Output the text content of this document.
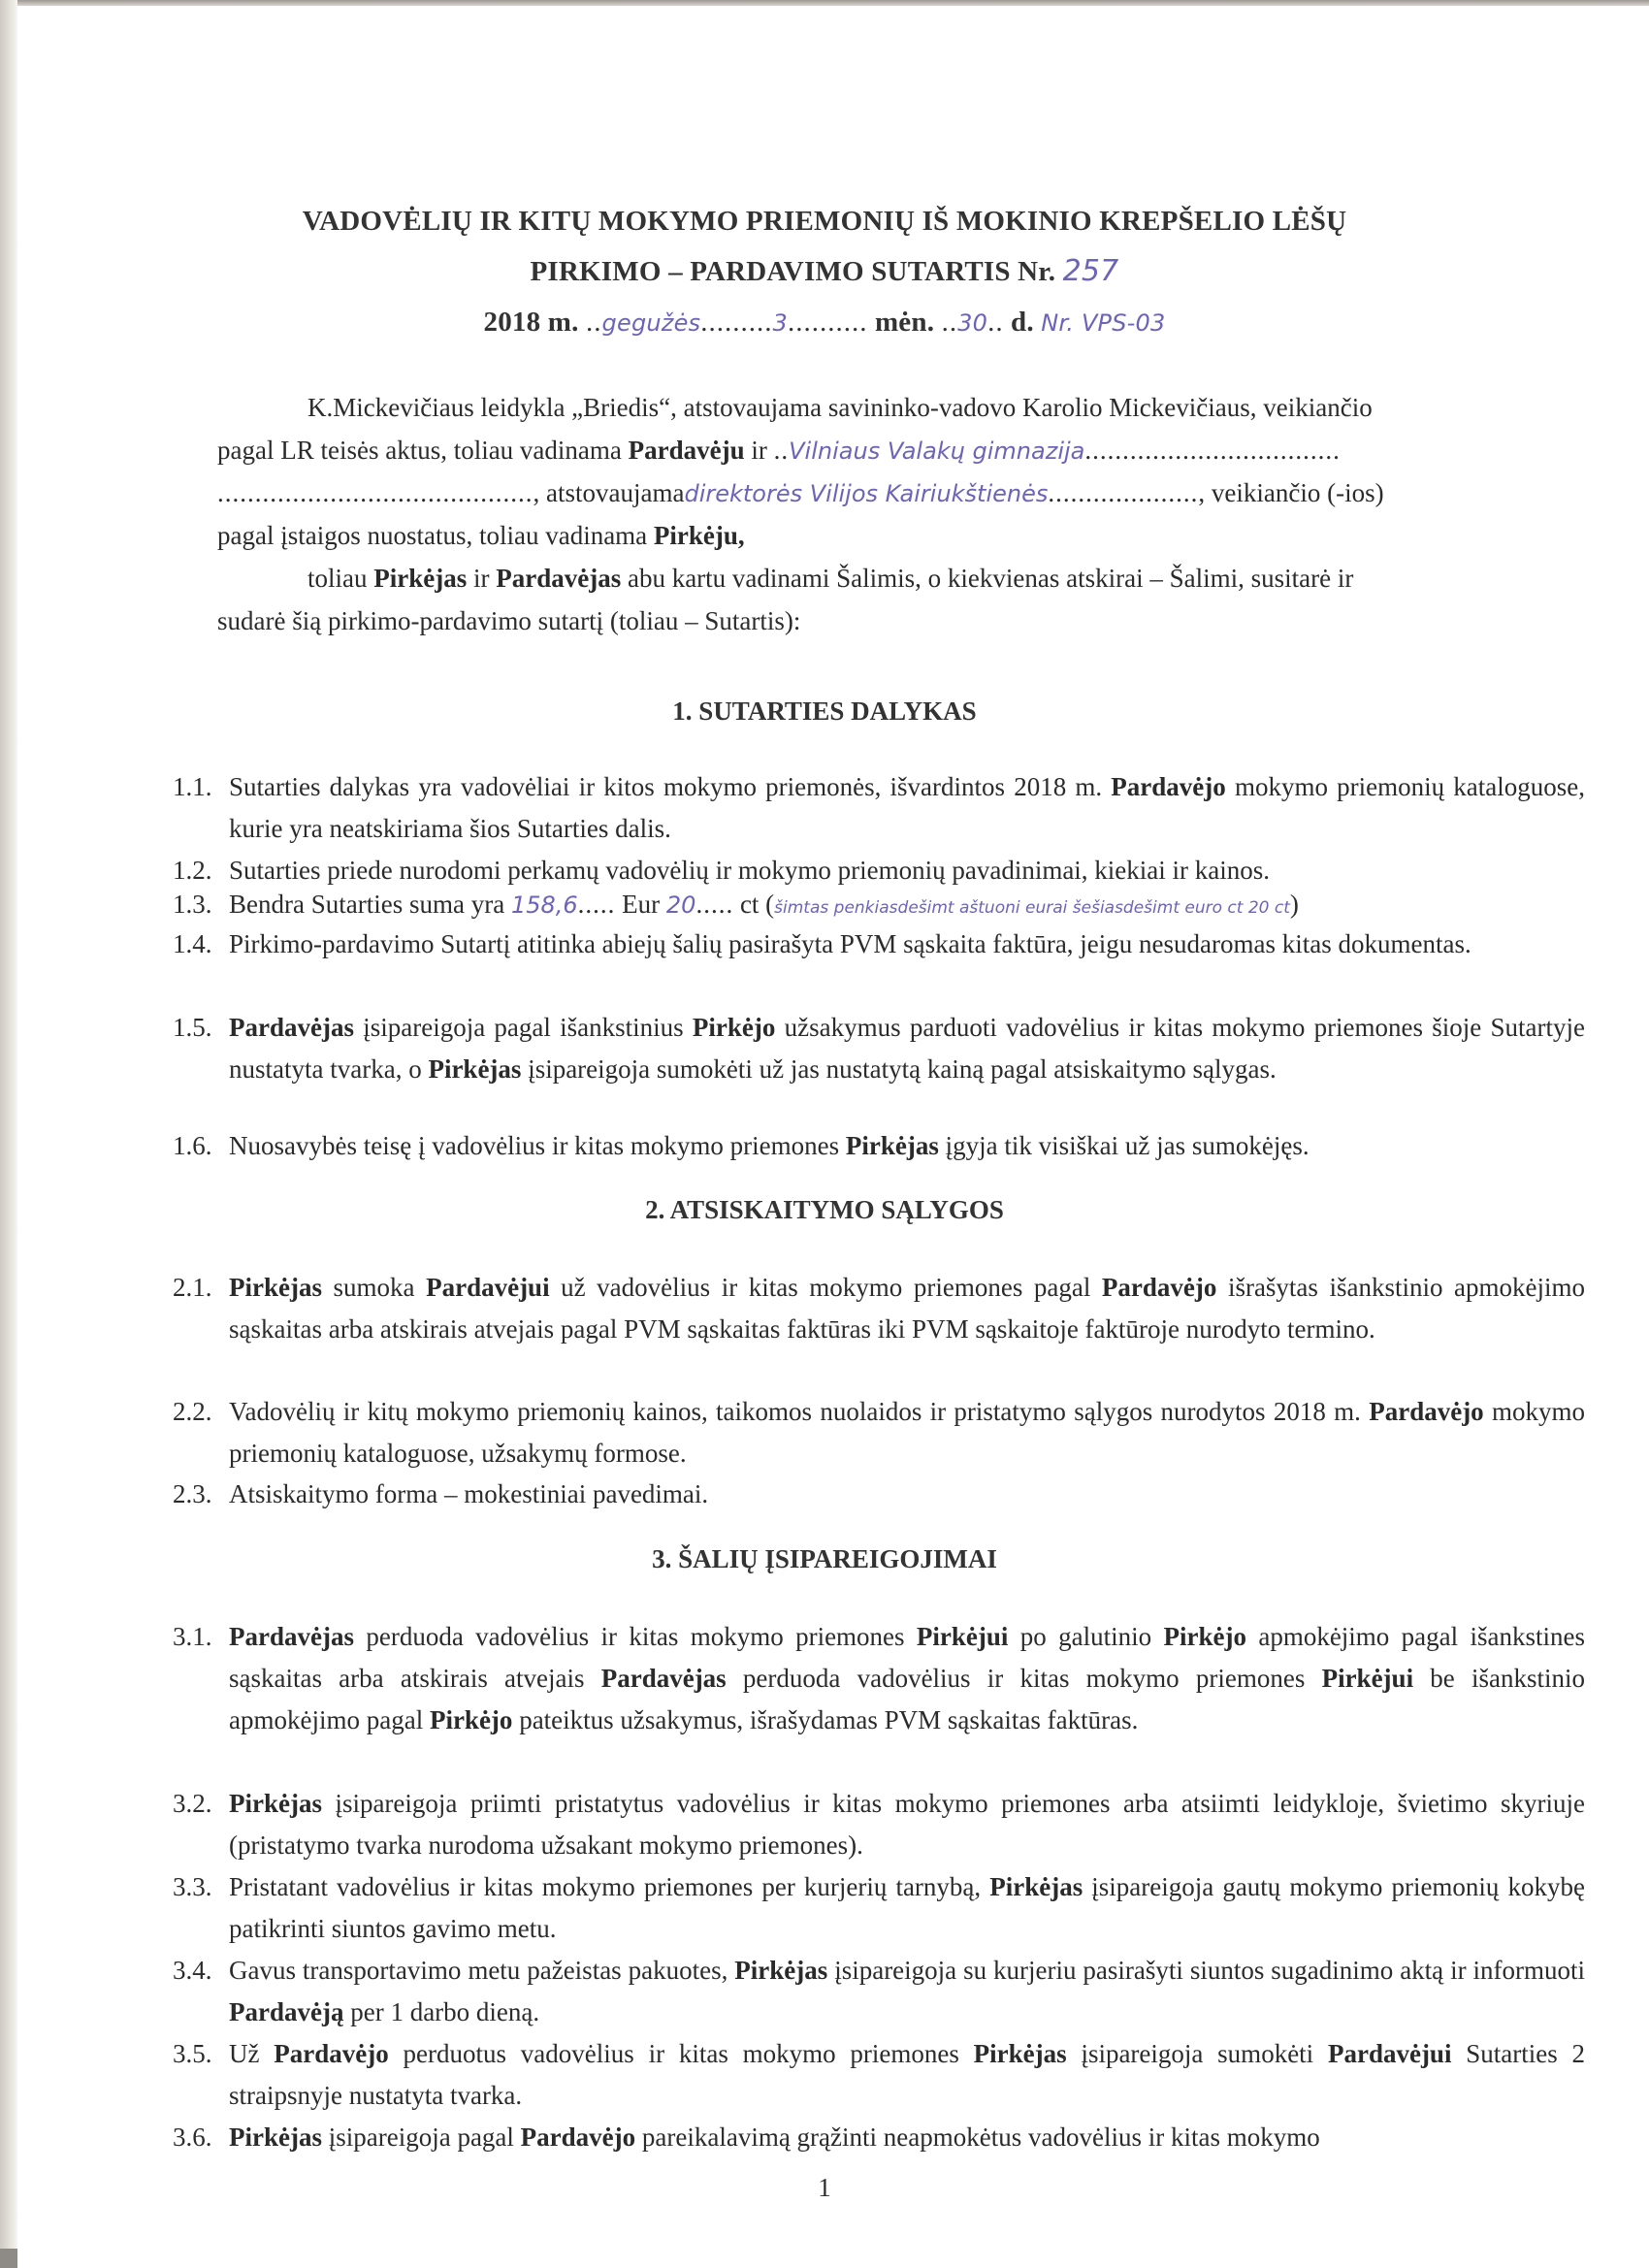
VADOVĖLIŲ IR KITŲ MOKYMO PRIEMONIŲ IŠ MOKINIO KREPŠELIO LĖŠŲ
PIRKIMO – PARDAVIMO SUTARTIS Nr. 257
2018 m. ..gegužės.........3.......... mėn. ..30.. d. Nr. VPS-03
K.Mickevičiaus leidykla „Briedis“, atstovaujama savininko-vadovo Karolio Mickevičiaus, veikiančio
pagal LR teisės aktus, toliau vadinama Pardavėju ir ..Vilniaus Valakų gimnazija..................................
.........................................., atstovaujamadirektorės Vilijos Kairiukštienės...................., veikiančio (-ios)
pagal įstaigos nuostatus, toliau vadinama Pirkėju,
toliau Pirkėjas ir Pardavėjas abu kartu vadinami Šalimis, o kiekvienas atskirai – Šalimi, susitarė ir
sudarė šią pirkimo-pardavimo sutartį (toliau – Sutartis):
1. SUTARTIES DALYKAS
1.1. Sutarties dalykas yra vadovėliai ir kitos mokymo priemonės, išvardintos 2018 m. Pardavėjo mokymo priemonių kataloguose, kurie yra neatskiriama šios Sutarties dalis.
1.2. Sutarties priede nurodomi perkamų vadovėlių ir mokymo priemonių pavadinimai, kiekiai ir kainos.
1.3. Bendra Sutarties suma yra 158,6..... Eur 20..... ct (šimtas penkiasdešimt aštuoni eurai šešiasdešimt euro ct 20 ct)
1.4. Pirkimo-pardavimo Sutartį atitinka abiejų šalių pasirašyta PVM sąskaita faktūra, jeigu nesudaromas kitas dokumentas.
1.5. Pardavėjas įsipareigoja pagal išankstinius Pirkėjo užsakymus parduoti vadovėlius ir kitas mokymo priemones šioje Sutartyje nustatyta tvarka, o Pirkėjas įsipareigoja sumokėti už jas nustatytą kainą pagal atsiskaitymo sąlygas.
1.6. Nuosavybės teisę į vadovėlius ir kitas mokymo priemones Pirkėjas įgyja tik visiškai už jas sumokėjęs.
2. ATSISKAITYMO SĄLYGOS
2.1. Pirkėjas sumoka Pardavėjui už vadovėlius ir kitas mokymo priemones pagal Pardavėjo išrašytas išankstinio apmokėjimo sąskaitas arba atskirais atvejais pagal PVM sąskaitas faktūras iki PVM sąskaitoje faktūroje nurodyto termino.
2.2. Vadovėlių ir kitų mokymo priemonių kainos, taikomos nuolaidos ir pristatymo sąlygos nurodytos 2018 m. Pardavėjo mokymo priemonių kataloguose, užsakymų formose.
2.3. Atsiskaitymo forma – mokestiniai pavedimai.
3. ŠALIŲ ĮSIPAREIGOJIMAI
3.1. Pardavėjas perduoda vadovėlius ir kitas mokymo priemones Pirkėjui po galutinio Pirkėjo apmokėjimo pagal išankstines sąskaitas arba atskirais atvejais Pardavėjas perduoda vadovėlius ir kitas mokymo priemones Pirkėjui be išankstinio apmokėjimo pagal Pirkėjo pateiktus užsakymus, išrašydamas PVM sąskaitas faktūras.
3.2. Pirkėjas įsipareigoja priimti pristatytus vadovėlius ir kitas mokymo priemones arba atsiimti leidykloje, švietimo skyriuje (pristatymo tvarka nurodoma užsakant mokymo priemones).
3.3. Pristatant vadovėlius ir kitas mokymo priemones per kurjerių tarnybą, Pirkėjas įsipareigoja gautų mokymo priemonių kokybę patikrinti siuntos gavimo metu.
3.4. Gavus transportavimo metu pažeistas pakuotes, Pirkėjas įsipareigoja su kurjeriu pasirašyti siuntos sugadinimo aktą ir informuoti Pardavėją per 1 darbo dieną.
3.5. Už Pardavėjo perduotus vadovėlius ir kitas mokymo priemones Pirkėjas įsipareigoja sumokėti Pardavėjui Sutarties 2 straipsnyje nustatyta tvarka.
3.6. Pirkėjas įsipareigoja pagal Pardavėjo pareikalavimą grąžinti neapmokėtus vadovėlius ir kitas mokymo
1
